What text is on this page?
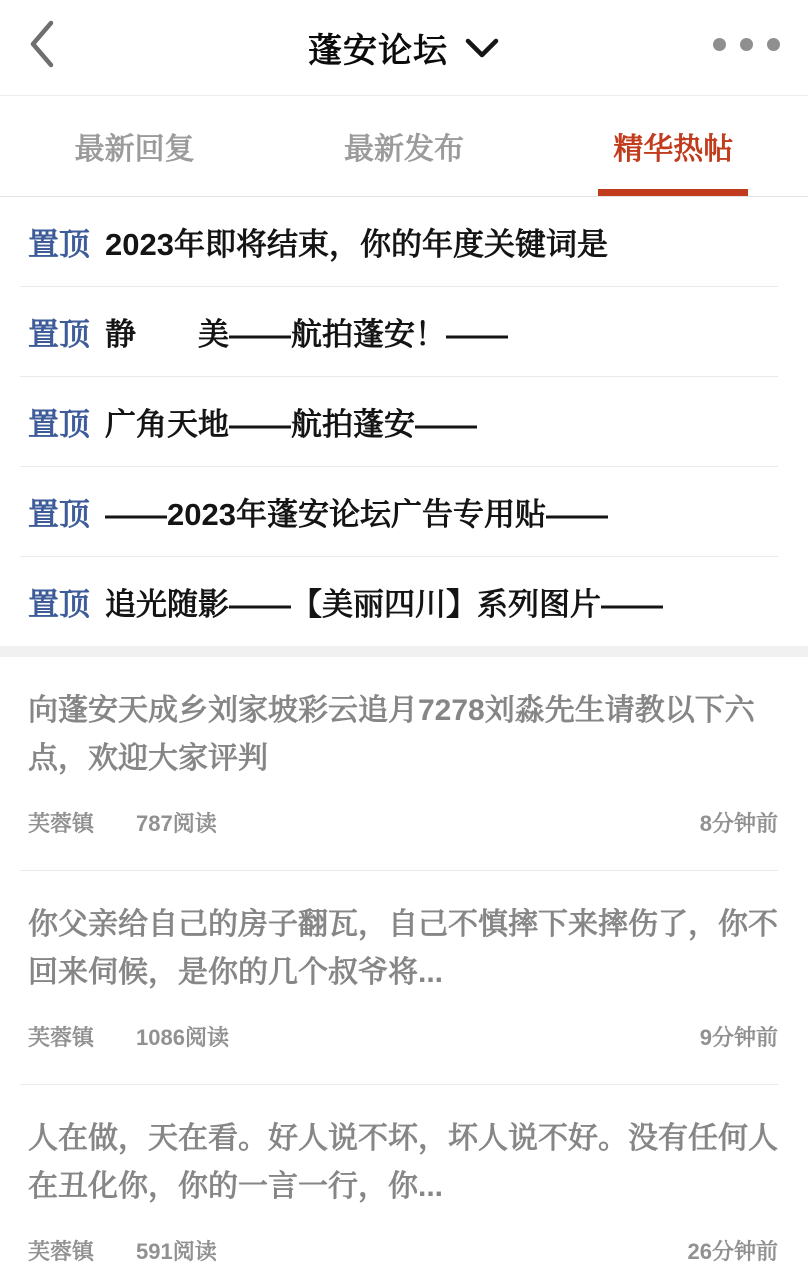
蓬安论坛
最新回复	最新发布	精华热帖
置顶 2023年即将结束，你的年度关键词是
置顶 静　　美——航拍蓬安！——
置顶 广角天地——航拍蓬安——
置顶 ——2023年蓬安论坛广告专用贴——
置顶 追光随影——【美丽四川】系列图片——
向蓬安天成乡刘家坡彩云追月7278刘淼先生请教以下六点，欢迎大家评判
芙蓉镇 787阅读	8分钟前
你父亲给自己的房子翻瓦，自己不慎摔下来摔伤了，你不回来伺候，是你的几个叔爷将...
芙蓉镇 1086阅读	9分钟前
人在做，天在看。好人说不坏，坏人说不好。没有任何人在丑化你，你的一言一行，你...
芙蓉镇 591阅读	26分钟前
